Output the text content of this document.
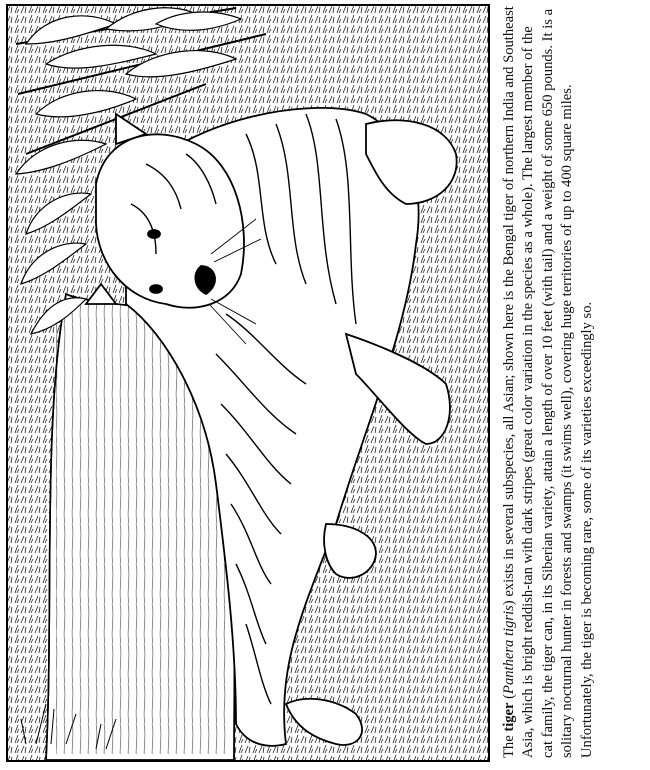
The tiger (Panthera tigris) exists in several subspecies, all Asian; shown here is the Bengal tiger of northern India and Southeast Asia, which is bright reddish-tan with dark stripes (great color variation in the species as a whole). The largest member of the cat family, the tiger can, in its Siberian variety, attain a length of over 10 feet (with tail) and a weight of some 650 pounds. It is a solitary nocturnal hunter in forests and swamps (it swims well), covering huge territories of up to 400 square miles. Unfortunately, the tiger is becoming rare, some of its varieties exceedingly so.
